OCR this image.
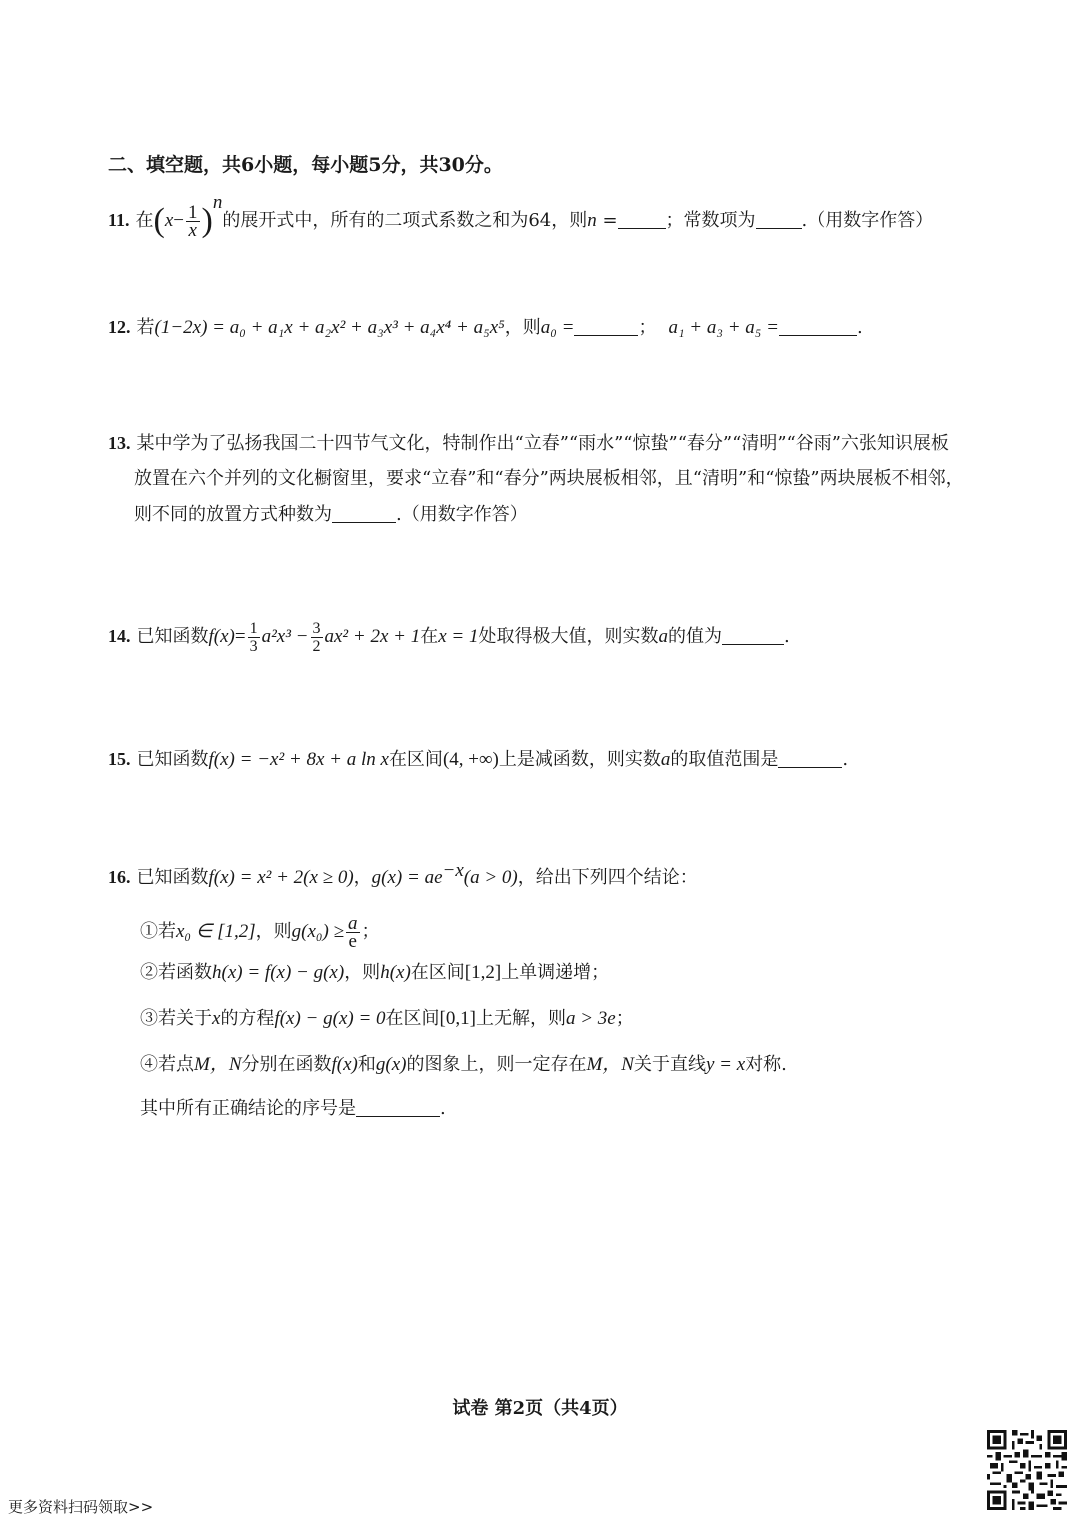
二、填空题，共6小题，每小题5分，共30分。
11. 在$(x- \frac{1}{x} )^n$的展开式中，所有的二项式系数之和为64，则n =	；常数项为	.（用数字作答）
12. 若(1−2x) = a₀ + a₁x + a₂x² + a₃x³ + a₄x⁴ + a₅x⁵，则a₀ =	； a₁ + a₃ + a₅ =	.
13. 某中学为了弘扬我国二十四节气文化，特制作出“立春”“雨水”“惊蛰”“春分”“清明”“谷雨”六张知识展板
放置在六个并列的文化橱窗里，要求“立春”和“春分”两块展板相邻，且“清明”和“惊蛰”两块展板不相邻，
则不同的放置方式种数为	.（用数字作答）
14. 已知函数$f(x)= \frac{1}{3} a^2x^3 - \frac{3}{2} ax^2 + 2x + 1$在x = 1处取得极大值，则实数a的值为	.
15. 已知函数f(x) = −x² + 8x + a ln x在区间(4, +∞)上是减函数，则实数a的取值范围是	.
16. 已知函数f(x) = x² + 2(x ≥ 0)，$g(x) = ae^{-x}(a > 0)$，给出下列四个结论：
①若x₀ ∈ [1,2]，则$g(x_0) \ge \frac{a}{e}$ ；
②若函数h(x) = f(x) − g(x)，则h(x)在区间[1,2]上单调递增；
③若关于x的方程f(x) − g(x) = 0在区间[0,1]上无解，则a > 3e；
④若点M，N分别在函数f(x)和g(x)的图象上，则一定存在M，N关于直线y = x对称.
其中所有正确结论的序号是	.
试卷 第2页（共4页）
更多资料扫码领取>>
